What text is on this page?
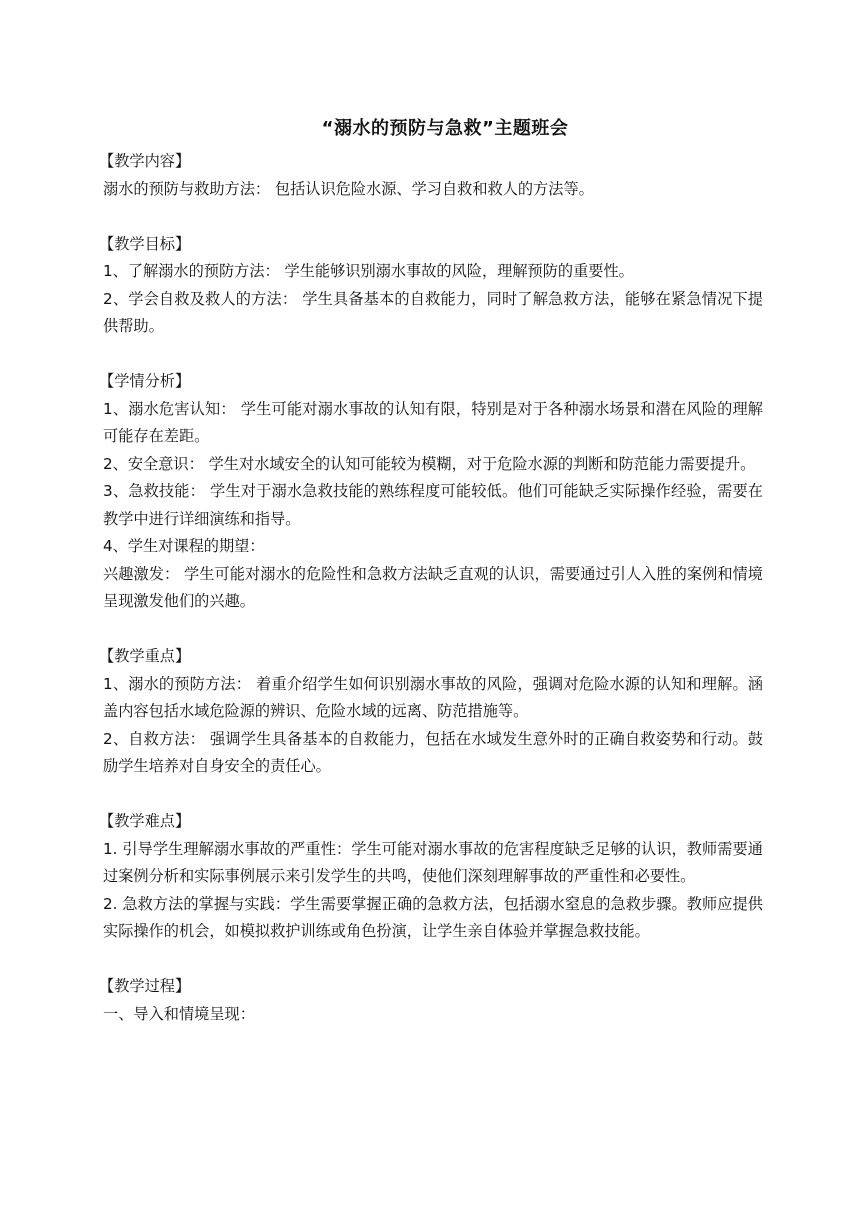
“溺水的预防与急救”主题班会

【教学内容】

溺水的预防与救助方法： 包括认识危险水源、学习自救和救人的方法等。

【教学目标】

1、了解溺水的预防方法： 学生能够识别溺水事故的风险，理解预防的重要性。

2、学会自救及救人的方法： 学生具备基本的自救能力，同时了解急救方法，能够在紧急情况下提供帮助。

【学情分析】

1、溺水危害认知： 学生可能对溺水事故的认知有限，特别是对于各种溺水场景和潜在风险的理解可能存在差距。

2、安全意识： 学生对水域安全的认知可能较为模糊，对于危险水源的判断和防范能力需要提升。

3、急救技能： 学生对于溺水急救技能的熟练程度可能较低。他们可能缺乏实际操作经验，需要在教学中进行详细演练和指导。

4、学生对课程的期望：

兴趣激发： 学生可能对溺水的危险性和急救方法缺乏直观的认识，需要通过引人入胜的案例和情境呈现激发他们的兴趣。

【教学重点】

1、溺水的预防方法： 着重介绍学生如何识别溺水事故的风险，强调对危险水源的认知和理解。涵盖内容包括水域危险源的辨识、危险水域的远离、防范措施等。

2、自救方法： 强调学生具备基本的自救能力，包括在水域发生意外时的正确自救姿势和行动。鼓励学生培养对自身安全的责任心。

【教学难点】

1. 引导学生理解溺水事故的严重性：学生可能对溺水事故的危害程度缺乏足够的认识，教师需要通过案例分析和实际事例展示来引发学生的共鸣，使他们深刻理解事故的严重性和必要性。

2. 急救方法的掌握与实践：学生需要掌握正确的急救方法，包括溺水窒息的急救步骤。教师应提供实际操作的机会，如模拟救护训练或角色扮演，让学生亲自体验并掌握急救技能。

【教学过程】

一、导入和情境呈现：
